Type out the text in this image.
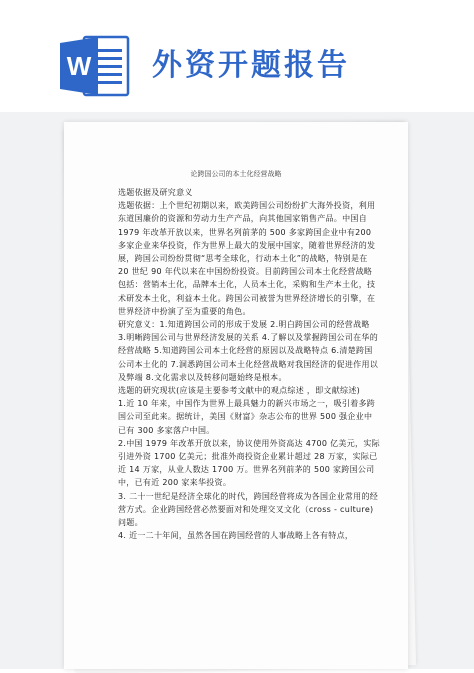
W 外资开题报告
论跨国公司的本土化经营战略

选题依据及研究意义

选题依据：上个世纪初期以来，欧美跨国公司纷纷扩大海外投资，利用东道国廉价的资源和劳动力生产产品，向其他国家销售产品。中国自 1979 年改革开放以来，世界名列前茅的 500 多家跨国企业中有200 多家企业来华投资，作为世界上最大的发展中国家，随着世界经济的发展，跨国公司纷纷贯彻“思考全球化，行动本土化”的战略，特别是在 20 世纪 90 年代以来在中国纷纷投资。目前跨国公司本土化经营战略包括：营销本土化，品牌本土化，人员本土化，采购和生产本土化，技术研发本土化，利益本土化。跨国公司被誉为世界经济增长的引擎，在世界经济中扮演了至为重要的角色。

研究意义：1.知道跨国公司的形成于发展 2.明白跨国公司的经营战略 3.明晰跨国公司与世界经济发展的关系 4.了解以及掌握跨国公司在华的经营战略 5.知道跨国公司本土化经营的原因以及战略特点 6.清楚跨国公司本土化的 7.洞悉跨国公司本土化经营战略对我国经济的促进作用以及弊端 8.文化需求以及转移问题始终是根本。

选题的研究现状(应该是主要参考文献中的观点综述 ，即文献综述)

1.近 10 年来，中国作为世界上最具魅力的新兴市场之一，吸引着多跨国公司至此来。据统计，美国《财富》杂志公布的世界 500 强企业中已有 300 多家落户中国。

2.中国 1979 年改革开放以来，协议使用外资高达 4700 亿美元，实际引进外资 1700 亿美元；批准外商投资企业累计超过 28 万家，实际已近 14 万家，从业人数达 1700 万。世界名列前茅的 500 家跨国公司中，已有近 200 家来华投资。

3. 二十一世纪是经济全球化的时代，跨国经营将成为各国企业常用的经营方式。企业跨国经营必然要面对和处理交叉文化（cross - culture)问题。

4. 近一二十年间，虽然各国在跨国经营的人事战略上各有特点，
